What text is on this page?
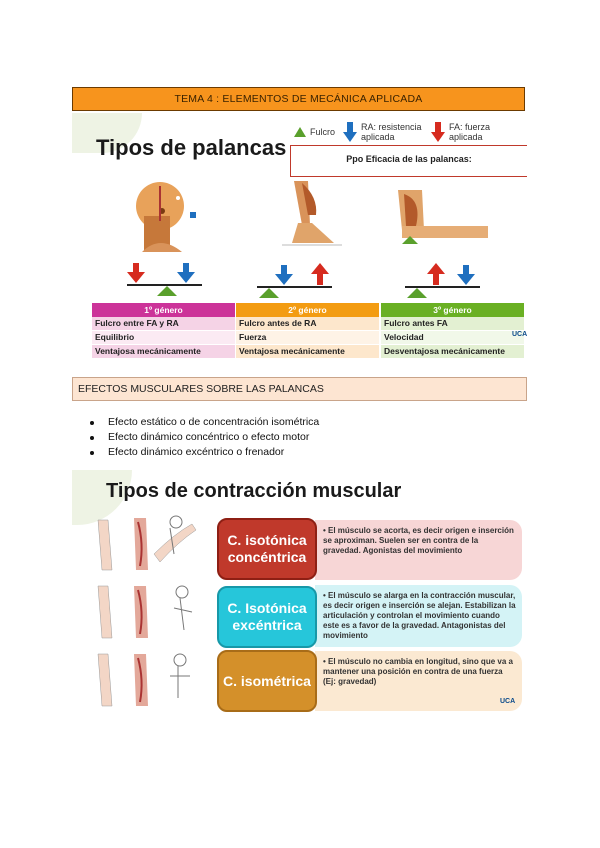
TEMA 4 : ELEMENTOS DE MECÁNICA APLICADA
Tipos de palancas
Fulcro	RA: resistencia aplicada
FA: fuerza aplicada
Ppo Eficacia de las palancas:
1º género
Fulcro entre FA y RA
Equilibrio
Ventajosa mecánicamente
2º género
Fulcro antes de RA
Fuerza
Ventajosa mecánicamente
3º género
Fulcro antes FA
Velocidad
Desventajosa mecánicamente
UCA
EFECTOS MUSCULARES SOBRE LAS PALANCAS
Efecto estático o de concentración isométrica
Efecto dinámico concéntrico o efecto motor
Efecto dinámico excéntrico o frenador
Tipos de contracción muscular
• El músculo se acorta, es decir origen e inserción se aproximan. Suelen ser en contra de la gravedad. Agonistas del movimiento
C. isotónica concéntrica
• El músculo se alarga en la contracción muscular, es decir origen e inserción se alejan. Estabilizan la articulación y controlan el movimiento cuando este es a favor de la gravedad. Antagonistas del movimiento
C. Isotónica excéntrica
• El músculo no cambia en longitud, sino que va a mantener una posición en contra de una fuerza (Ej: gravedad)
C. isométrica
UCA
